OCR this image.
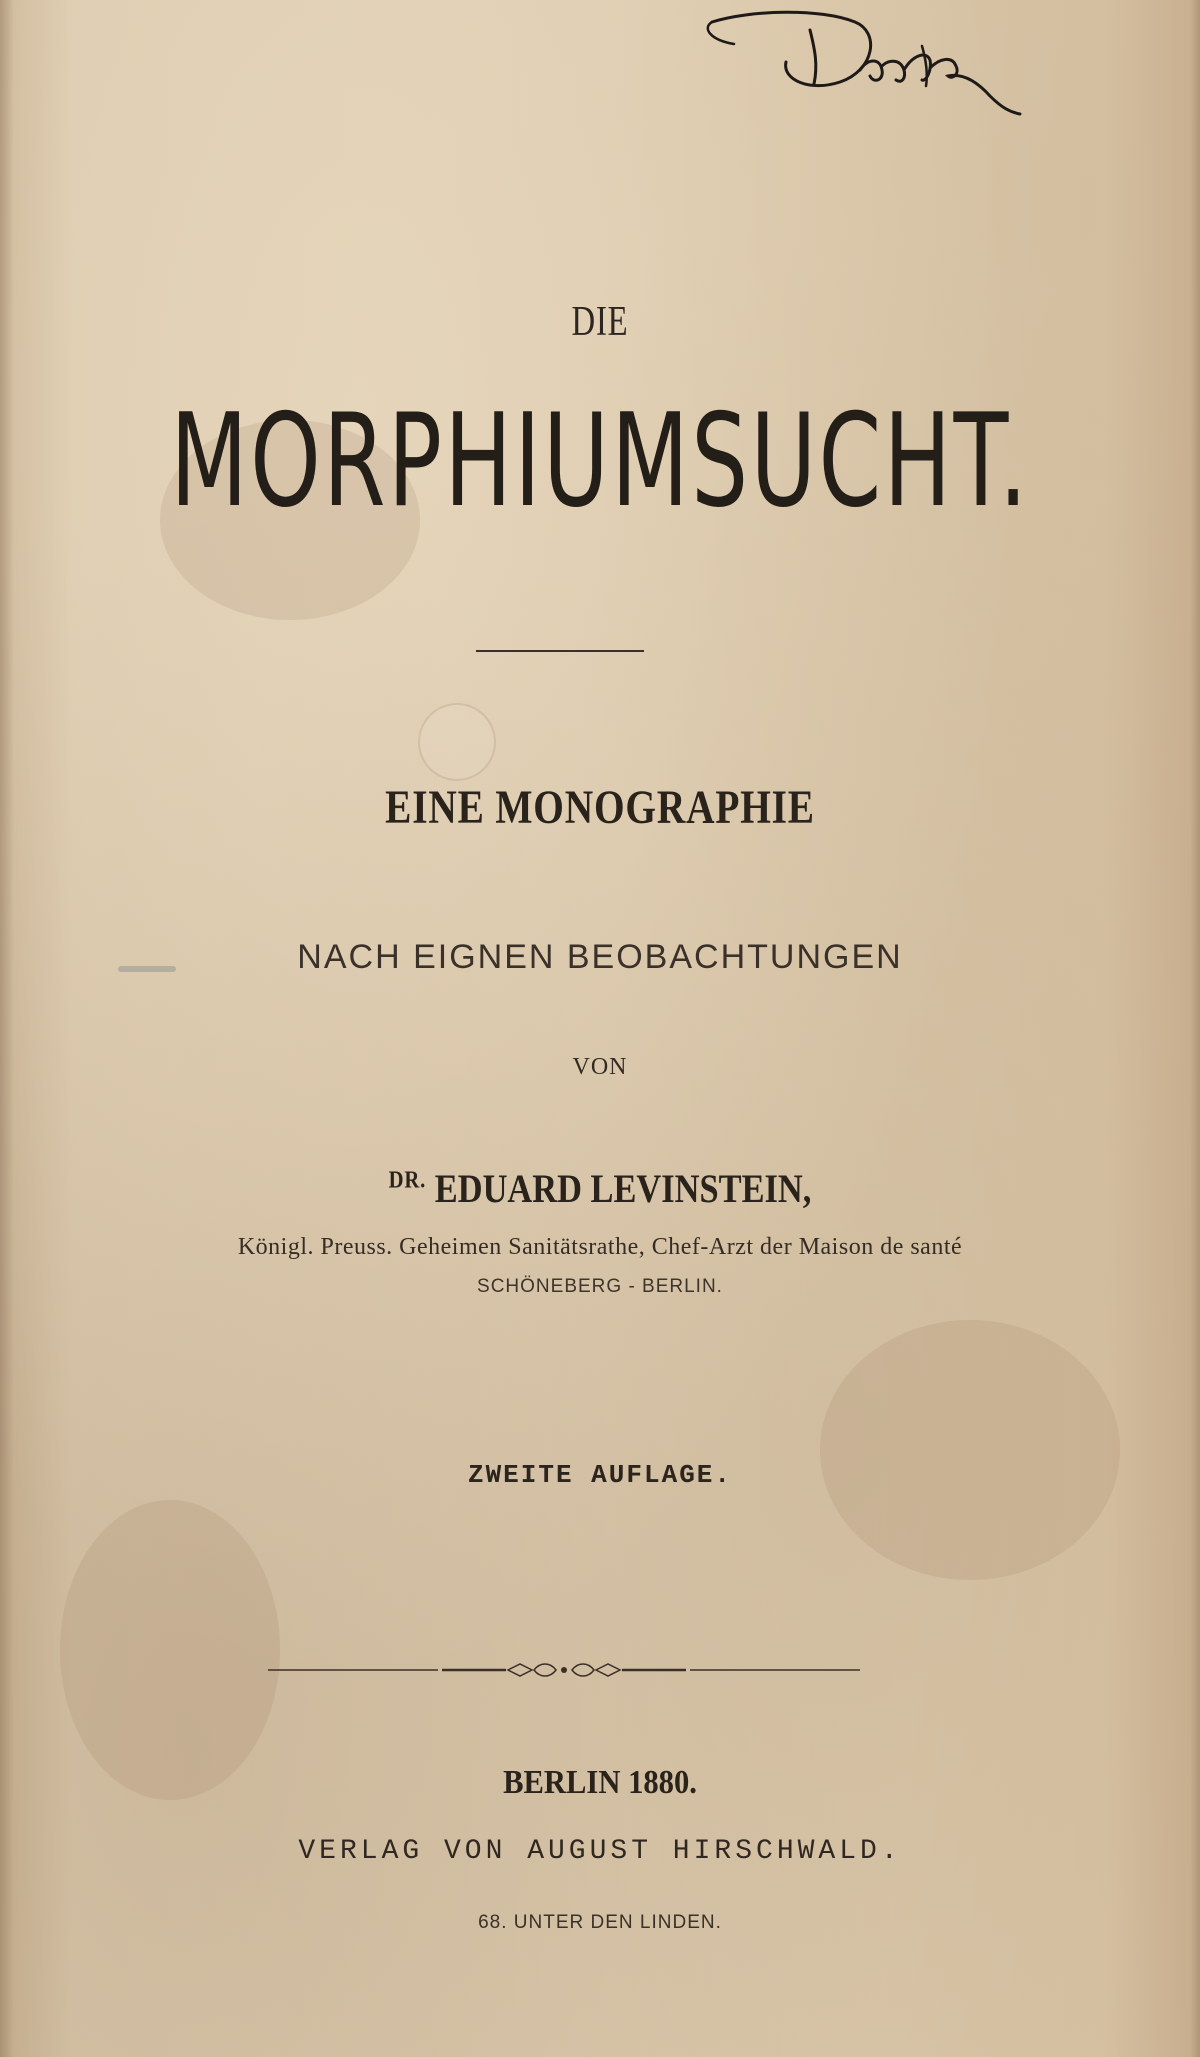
DIE
MORPHIUMSUCHT.
EINE MONOGRAPHIE
NACH EIGNEN BEOBACHTUNGEN
VON
$^{DR.}$ EDUARD LEVINSTEIN,
Königl. Preuss. Geheimen Sanitätsrathe, Chef-Arzt der Maison de santé
SCHÖNEBERG - BERLIN.
ZWEITE AUFLAGE.
BERLIN 1880.
VERLAG VON AUGUST HIRSCHWALD.
68. UNTER DEN LINDEN.
